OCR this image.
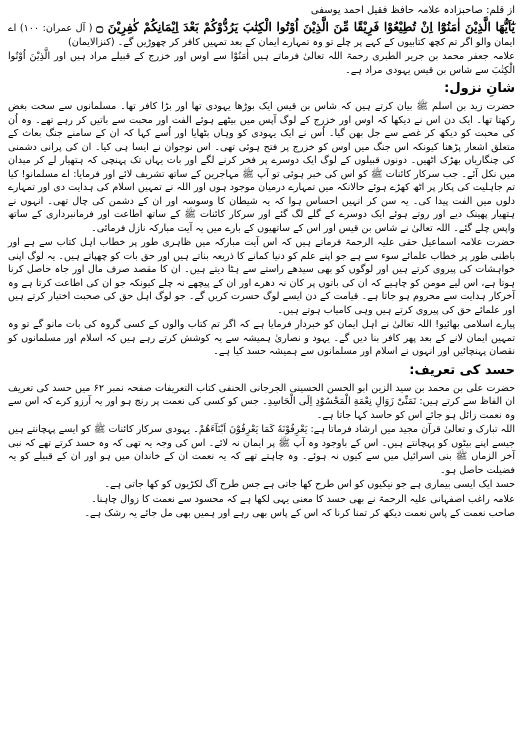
از قلم: صاحبزادہ علامہ حافظ فقیل احمد یوسفی
يٰٓاَيُّهَا الَّذِيْنَ اٰمَنُوْٓا اِنْ تُطِيْعُوْا فَرِيْقًا مِّنَ الَّذِيْنَ اُوْتُوا الْكِتٰبَ يَرُدُّوْكُمْ بَعْدَ اِيْمَانِكُمْ كٰفِرِيْنَ ۝ ( آل عمران: ۱۰۰) اے ایمان والو اگر تم کچھ کتابیوں کے کہے پر چلے تو وہ تمہارے ایمان کے بعد تمہیں کافر کر چھوڑیں گے۔ (کنزالایمان)

علامہ جعفر محمد بن جریر الطبری رحمۃ اللہ تعالیٰ فرماتے ہیں اٰمَنُوْا سے اوس اور خزرج کے قبیلے مراد ہیں اور الَّذِيْنَ اُوْتُوا الْكِتٰبَ سے شاس بن قیس یہودی مراد ہے۔

شانِ نزول:

حضرت زید بن اسلم ﷺ بیان کرتے ہیں کہ شاس بن قیس ایک بوڑھا یہودی تھا اور بڑا کافر تھا۔ مسلمانوں سے سخت بغض رکھتا تھا۔ ایک دن اس نے دیکھا کہ اوس اور خزرج کے لوگ آپس میں بیٹھے ہوئے الفت اور محبت سے باتیں کر رہے تھے۔ وہ اُن کی محبت کو دیکھ کر غصے سے جل بھن گیا۔ اُس نے ایک یہودی کو وہاں بٹھایا اور اُسے کہا کہ ان کے سامنے جنگ بعاث کے متعلق اشعار پڑھنا کیونکہ اس جنگ میں اوس کو خزرج پر فتح ہوئی تھی۔ اس نوجوان نے ایسا ہی کیا۔ ان کی پرانی دشمنی کی چنگاریاں بھڑک اٹھیں۔ دونوں قبیلوں کے لوگ ایک دوسرے پر فخر کرنے لگے اور بات یہاں تک پہنچی کہ ہتھیار لے کر میدان میں نکل آئے۔ جب سرکار کائنات ﷺ کو اس کی خبر ہوئی تو آپ ﷺ مہاجرین کے ساتھ تشریف لائے اور فرمایا: اے مسلمانو! کیا تم جاہلیت کی پکار پر اٹھ کھڑے ہوئے حالانکہ میں تمہارے درمیان موجود ہوں اور اللہ نے تمہیں اسلام کی ہدایت دی اور تمہارے دلوں میں الفت پیدا کی۔ یہ سن کر انہیں احساس ہوا کہ یہ شیطان کا وسوسہ اور ان کے دشمن کی چال تھی۔ انہوں نے ہتھیار پھینک دیے اور روتے ہوئے ایک دوسرے کے گلے لگ گئے اور سرکار کائنات ﷺ کے ساتھ اطاعت اور فرمانبرداری کے ساتھ واپس چلے گئے۔ اللہ تعالیٰ نے شاس بن قیس اور اس کے ساتھیوں کے بارے میں یہ آیت مبارکہ نازل فرمائی۔

حضرت علامہ اسماعیل حقی علیہ الرحمۃ فرماتے ہیں کہ اس آیت مبارکہ میں ظاہری طور پر خطاب اہل کتاب سے ہے اور باطنی طور پر خطاب علمائے سوء سے ہے جو اپنے علم کو دنیا کمانے کا ذریعہ بناتے ہیں اور حق بات کو چھپاتے ہیں۔ یہ لوگ اپنی خواہشات کی پیروی کرتے ہیں اور لوگوں کو بھی سیدھے راستے سے ہٹا دیتے ہیں۔ ان کا مقصد صرف مال اور جاہ حاصل کرنا ہوتا ہے، اس لیے مومن کو چاہیے کہ ان کی باتوں پر کان نہ دھرے اور ان کے پیچھے نہ چلے کیونکہ جو ان کی اطاعت کرتا ہے وہ آخرکار ہدایت سے محروم ہو جاتا ہے۔ قیامت کے دن ایسے لوگ حسرت کریں گے۔ جو لوگ اہل حق کی صحبت اختیار کرتے ہیں اور علمائے حق کی پیروی کرتے ہیں وہی کامیاب ہوتے ہیں۔

پیارے اسلامی بھائیو! اللہ تعالیٰ نے اہل ایمان کو خبردار فرمایا ہے کہ اگر تم کتاب والوں کے کسی گروہ کی بات مانو گے تو وہ تمہیں ایمان لانے کے بعد پھر کافر بنا دیں گے۔ یہود و نصاریٰ ہمیشہ سے یہ کوشش کرتے رہے ہیں کہ اسلام اور مسلمانوں کو نقصان پہنچائیں اور انہوں نے اسلام اور مسلمانوں سے ہمیشہ حسد کیا ہے۔

حسد کی تعریف:

حضرت علی بن محمد بن سید الزین ابو الحسن الحسینی الجرجانی الحنفی کتاب التعریفات صفحہ نمبر ۶۲ میں حسد کی تعریف ان الفاظ سے کرتے ہیں: تَمَنِّیْ زَوَالِ نِعْمَةِ الْمَحْسُوْدِ اِلَى الْحَاسِدِ۔ جس کو کسی کی نعمت پر رنج ہو اور یہ آرزو کرے کہ اس سے وہ نعمت زائل ہو جائے اس کو حاسد کہا جاتا ہے۔

اللہ تبارک و تعالیٰ قرآن مجید میں ارشاد فرماتا ہے: يَعْرِفُوْنَهٗ كَمَا يَعْرِفُوْنَ اَبْنَآءَهُمْ۔ یہودی سرکار کائنات ﷺ کو ایسے پہچانتے ہیں جیسے اپنے بیٹوں کو پہچانتے ہیں۔ اس کے باوجود وہ آپ ﷺ پر ایمان نہ لائے۔ اس کی وجہ یہ تھی کہ وہ حسد کرتے تھے کہ نبی آخر الزماں ﷺ بنی اسرائیل میں سے کیوں نہ ہوئے۔ وہ چاہتے تھے کہ یہ نعمت ان کے خاندان میں ہو اور ان کے قبیلے کو یہ فضیلت حاصل ہو۔

حسد ایک ایسی بیماری ہے جو نیکیوں کو اس طرح کھا جاتی ہے جس طرح آگ لکڑیوں کو کھا جاتی ہے۔

علامہ راغب اصفہانی علیہ الرحمۃ نے بھی حسد کا معنی یہی لکھا ہے کہ محسود سے نعمت کا زوال چاہنا۔

صاحب نعمت کے پاس نعمت دیکھ کر تمنا کرنا کہ اس کے پاس بھی رہے اور ہمیں بھی مل جائے یہ رشک ہے۔
